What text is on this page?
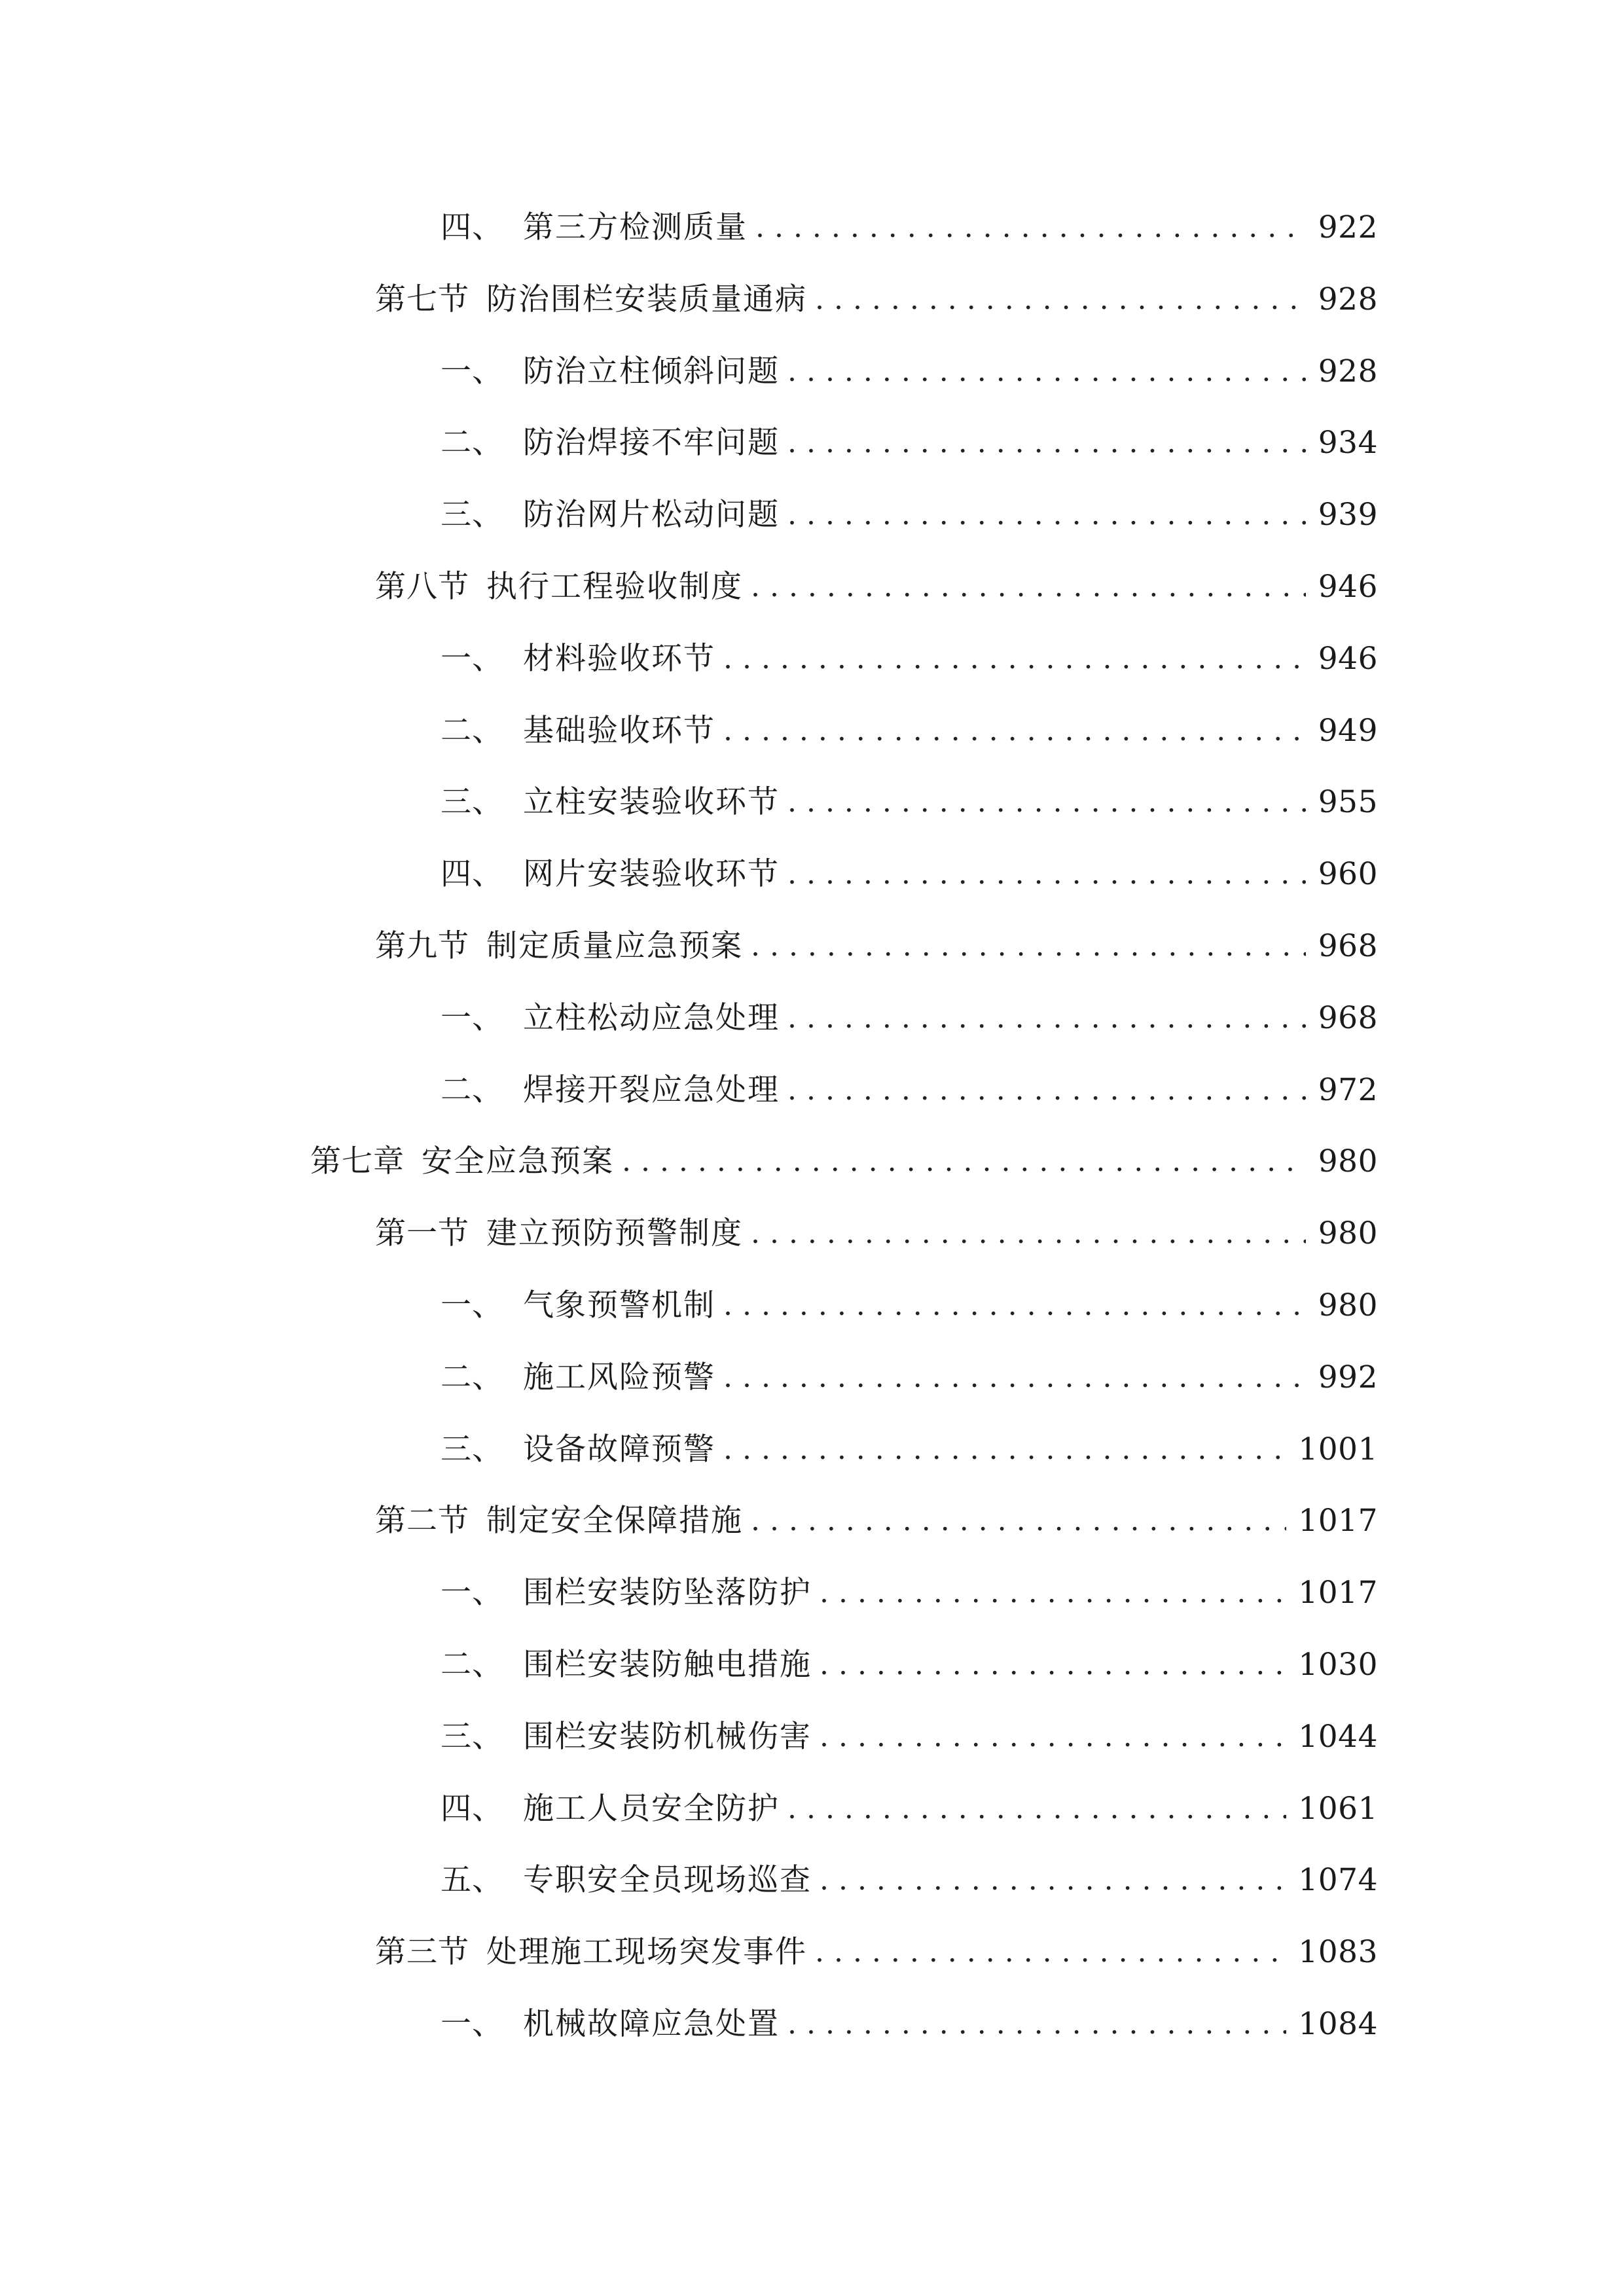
四、 第三方检测质量 . . .	922
第七节 防治围栏安装质量通病 . . .	928
一、 防治立柱倾斜问题 . . .	928
二、 防治焊接不牢问题 . . .	934
三、 防治网片松动问题 . . .	939
第八节 执行工程验收制度 . . .	946
一、 材料验收环节 . . .	946
二、 基础验收环节 . . .	949
三、 立柱安装验收环节 . . .	955
四、 网片安装验收环节 . . .	960
第九节 制定质量应急预案 . . .	968
一、 立柱松动应急处理 . . .	968
二、 焊接开裂应急处理 . . .	972
第七章 安全应急预案 . . .	980
第一节 建立预防预警制度 . . .	980
一、 气象预警机制 . . .	980
二、 施工风险预警 . . .	992
三、 设备故障预警 . . .	1001
第二节 制定安全保障措施 . . .	1017
一、 围栏安装防坠落防护 . . .	1017
二、 围栏安装防触电措施 . . .	1030
三、 围栏安装防机械伤害 . . .	1044
四、 施工人员安全防护 . . .	1061
五、 专职安全员现场巡查 . . .	1074
第三节 处理施工现场突发事件 . . .	1083
一、 机械故障应急处置 . . .	1084
